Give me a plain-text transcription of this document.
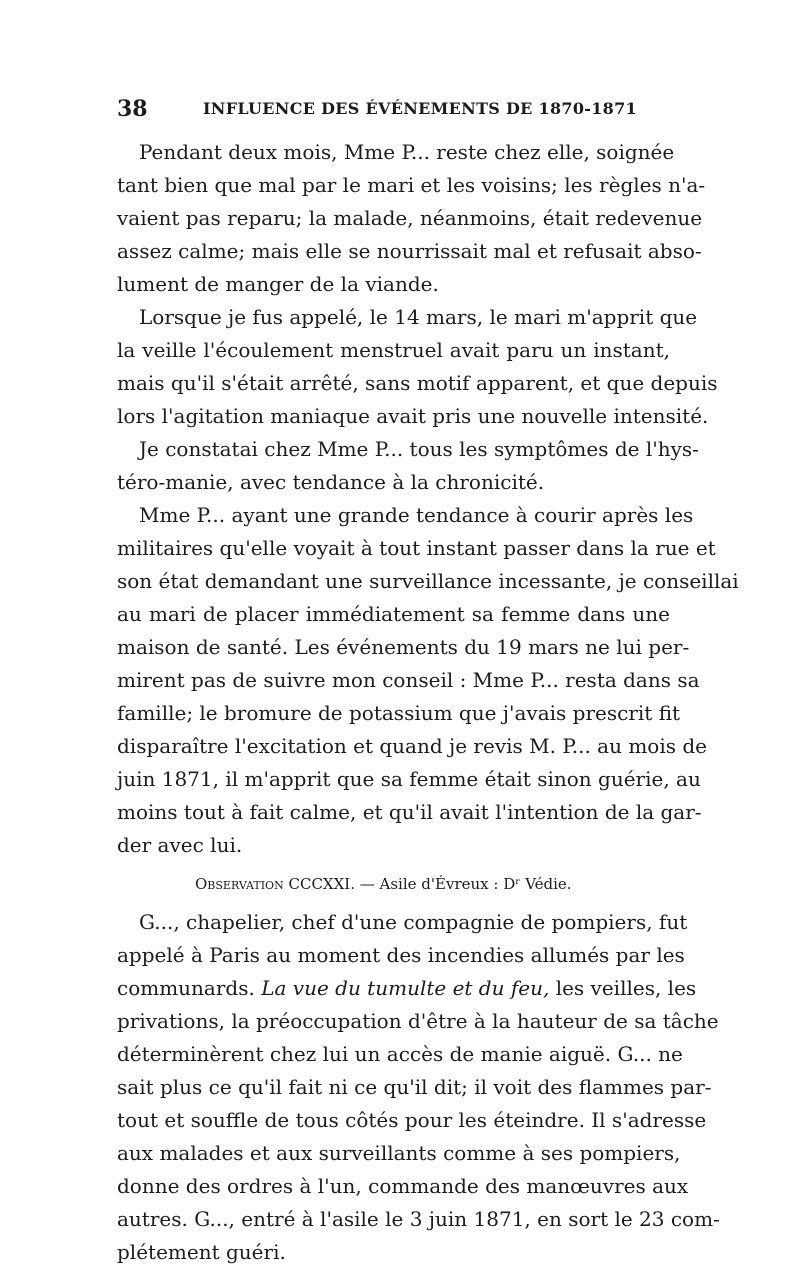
38	INFLUENCE DES ÉVÉNEMENTS DE 1870-1871
Pendant deux mois, Mme P... reste chez elle, soignée
tant bien que mal par le mari et les voisins; les règles n'a-
vaient pas reparu; la malade, néanmoins, était redevenue
assez calme; mais elle se nourrissait mal et refusait abso-
lument de manger de la viande.
Lorsque je fus appelé, le 14 mars, le mari m'apprit que
la veille l'écoulement menstruel avait paru un instant,
mais qu'il s'était arrêté, sans motif apparent, et que depuis
lors l'agitation maniaque avait pris une nouvelle intensité.
Je constatai chez Mme P... tous les symptômes de l'hys-
téro-manie, avec tendance à la chronicité.
Mme P... ayant une grande tendance à courir après les
militaires qu'elle voyait à tout instant passer dans la rue et
son état demandant une surveillance incessante, je conseillai
au mari de placer immédiatement sa femme dans une
maison de santé. Les événements du 19 mars ne lui per-
mirent pas de suivre mon conseil : Mme P... resta dans sa
famille; le bromure de potassium que j'avais prescrit fit
disparaître l'excitation et quand je revis M. P... au mois de
juin 1871, il m'apprit que sa femme était sinon guérie, au
moins tout à fait calme, et qu'il avait l'intention de la gar-
der avec lui.
Observation CCCXXI. — Asile d'Évreux : Dʳ Védie.
G..., chapelier, chef d'une compagnie de pompiers, fut
appelé à Paris au moment des incendies allumés par les
communards. La vue du tumulte et du feu, les veilles, les
privations, la préoccupation d'être à la hauteur de sa tâche
déterminèrent chez lui un accès de manie aiguë. G... ne
sait plus ce qu'il fait ni ce qu'il dit; il voit des flammes par-
tout et souffle de tous côtés pour les éteindre. Il s'adresse
aux malades et aux surveillants comme à ses pompiers,
donne des ordres à l'un, commande des manœuvres aux
autres. G..., entré à l'asile le 3 juin 1871, en sort le 23 com-
plétement guéri.
